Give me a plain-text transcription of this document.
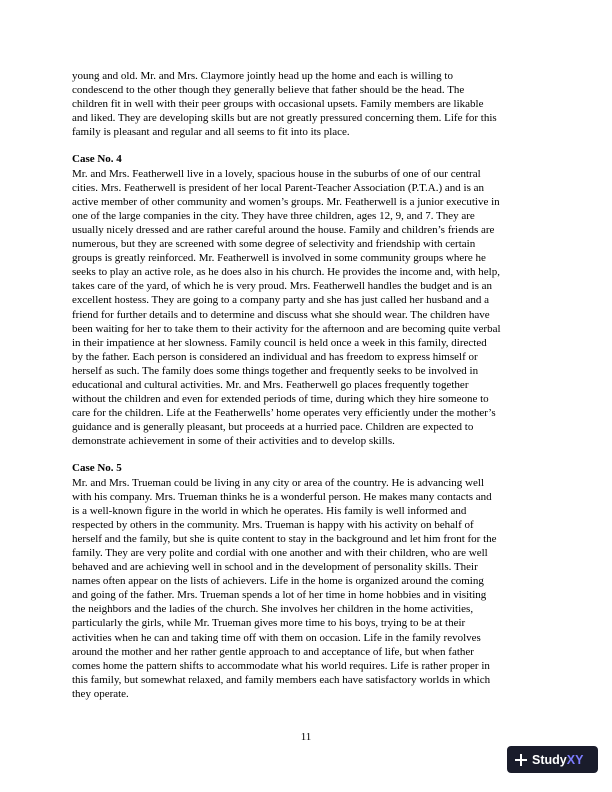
young and old. Mr. and Mrs. Claymore jointly head up the home and each is willing to
condescend to the other though they generally believe that father should be the head. The
children fit in well with their peer groups with occasional upsets. Family members are likable
and liked. They are developing skills but are not greatly pressured concerning them. Life for this
family is pleasant and regular and all seems to fit into its place.

Case No. 4

Mr. and Mrs. Featherwell live in a lovely, spacious house in the suburbs of one of our central
cities. Mrs. Featherwell is president of her local Parent-Teacher Association (P.T.A.) and is an
active member of other community and women’s groups. Mr. Featherwell is a junior executive in
one of the large companies in the city. They have three children, ages 12, 9, and 7. They are
usually nicely dressed and are rather careful around the house. Family and children’s friends are
numerous, but they are screened with some degree of selectivity and friendship with certain
groups is greatly reinforced. Mr. Featherwell is involved in some community groups where he
seeks to play an active role, as he does also in his church. He provides the income and, with help,
takes care of the yard, of which he is very proud. Mrs. Featherwell handles the budget and is an
excellent hostess. They are going to a company party and she has just called her husband and a
friend for further details and to determine and discuss what she should wear. The children have
been waiting for her to take them to their activity for the afternoon and are becoming quite verbal
in their impatience at her slowness. Family council is held once a week in this family, directed
by the father. Each person is considered an individual and has freedom to express himself or
herself as such. The family does some things together and frequently seeks to be involved in
educational and cultural activities. Mr. and Mrs. Featherwell go places frequently together
without the children and even for extended periods of time, during which they hire someone to
care for the children. Life at the Featherwells’ home operates very efficiently under the mother’s
guidance and is generally pleasant, but proceeds at a hurried pace. Children are expected to
demonstrate achievement in some of their activities and to develop skills.

Case No. 5

Mr. and Mrs. Trueman could be living in any city or area of the country. He is advancing well
with his company. Mrs. Trueman thinks he is a wonderful person. He makes many contacts and
is a well-known figure in the world in which he operates. His family is well informed and
respected by others in the community. Mrs. Trueman is happy with his activity on behalf of
herself and the family, but she is quite content to stay in the background and let him front for the
family. They are very polite and cordial with one another and with their children, who are well
behaved and are achieving well in school and in the development of personality skills. Their
names often appear on the lists of achievers. Life in the home is organized around the coming
and going of the father. Mrs. Trueman spends a lot of her time in home hobbies and in visiting
the neighbors and the ladies of the church. She involves her children in the home activities,
particularly the girls, while Mr. Trueman gives more time to his boys, trying to be at their
activities when he can and taking time off with them on occasion. Life in the family revolves
around the mother and her rather gentle approach to and acceptance of life, but when father
comes home the pattern shifts to accommodate what his world requires. Life is rather proper in
this family, but somewhat relaxed, and family members each have satisfactory worlds in which
they operate.

11
Study XY
